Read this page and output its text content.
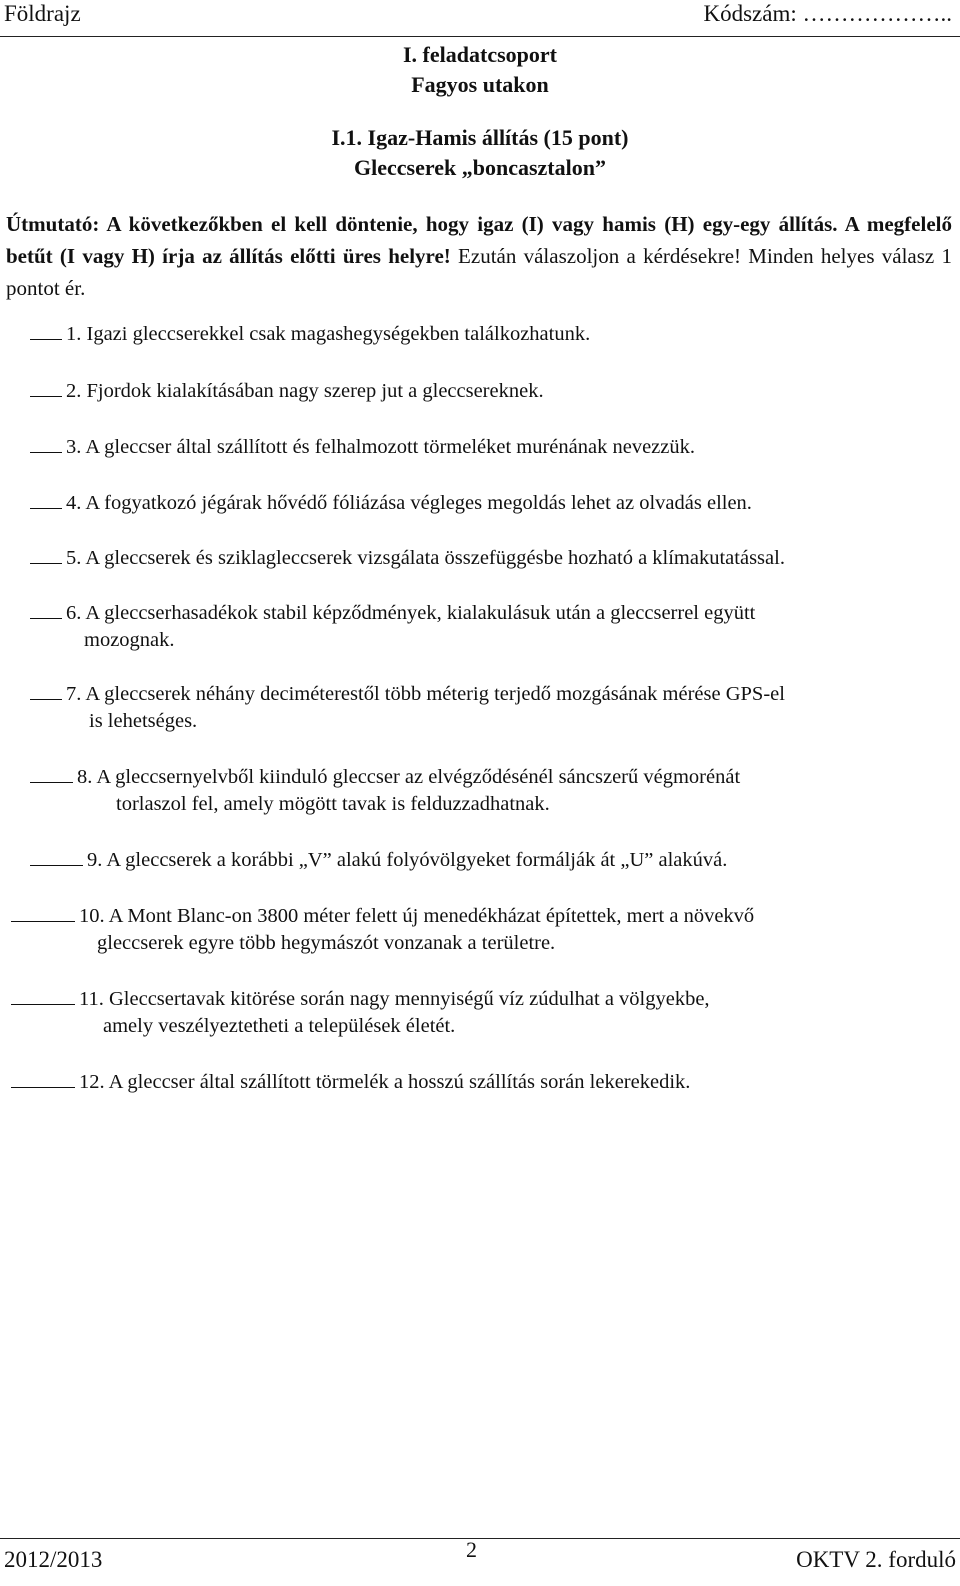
Földrajz	Kódszám: ………………..
I. feladatcsoport
Fagyos utakon
I.1. Igaz-Hamis állítás (15 pont)
Gleccserek „boncasztalon”
Útmutató: A következőkben el kell döntenie, hogy igaz (I) vagy hamis (H) egy-egy állítás. A megfelelő betűt (I vagy H) írja az állítás előtti üres helyre! Ezután válaszoljon a kérdésekre! Minden helyes válasz 1 pontot ér.
1. Igazi gleccserekkel csak magashegységekben találkozhatunk.
2. Fjordok kialakításában nagy szerep jut a gleccsereknek.
3. A gleccser által szállított és felhalmozott törmeléket murénának nevezzük.
4. A fogyatkozó jégárak hővédő fóliázása végleges megoldás lehet az olvadás ellen.
5. A gleccserek és sziklagleccserek vizsgálata összefüggésbe hozható a klímakutatással.
6. A gleccserhasadékok stabil képződmények, kialakulásuk után a gleccserrel együtt
mozognak.
7. A gleccserek néhány deciméterestől több méterig terjedő mozgásának mérése GPS-el
is lehetséges.
8. A gleccsernyelvből kiinduló gleccser az elvégződésénél sáncszerű végmorénát
torlaszol fel, amely mögött tavak is felduzzadhatnak.
9. A gleccserek a korábbi „V” alakú folyóvölgyeket formálják át „U” alakúvá.
10. A Mont Blanc-on 3800 méter felett új menedékházat építettek, mert a növekvő
gleccserek egyre több hegymászót vonzanak a területre.
11. Gleccsertavak kitörése során nagy mennyiségű víz zúdulhat a völgyekbe,
amely veszélyeztetheti a települések életét.
12. A gleccser által szállított törmelék a hosszú szállítás során lekerekedik.
2012/2013	2	OKTV 2. forduló
